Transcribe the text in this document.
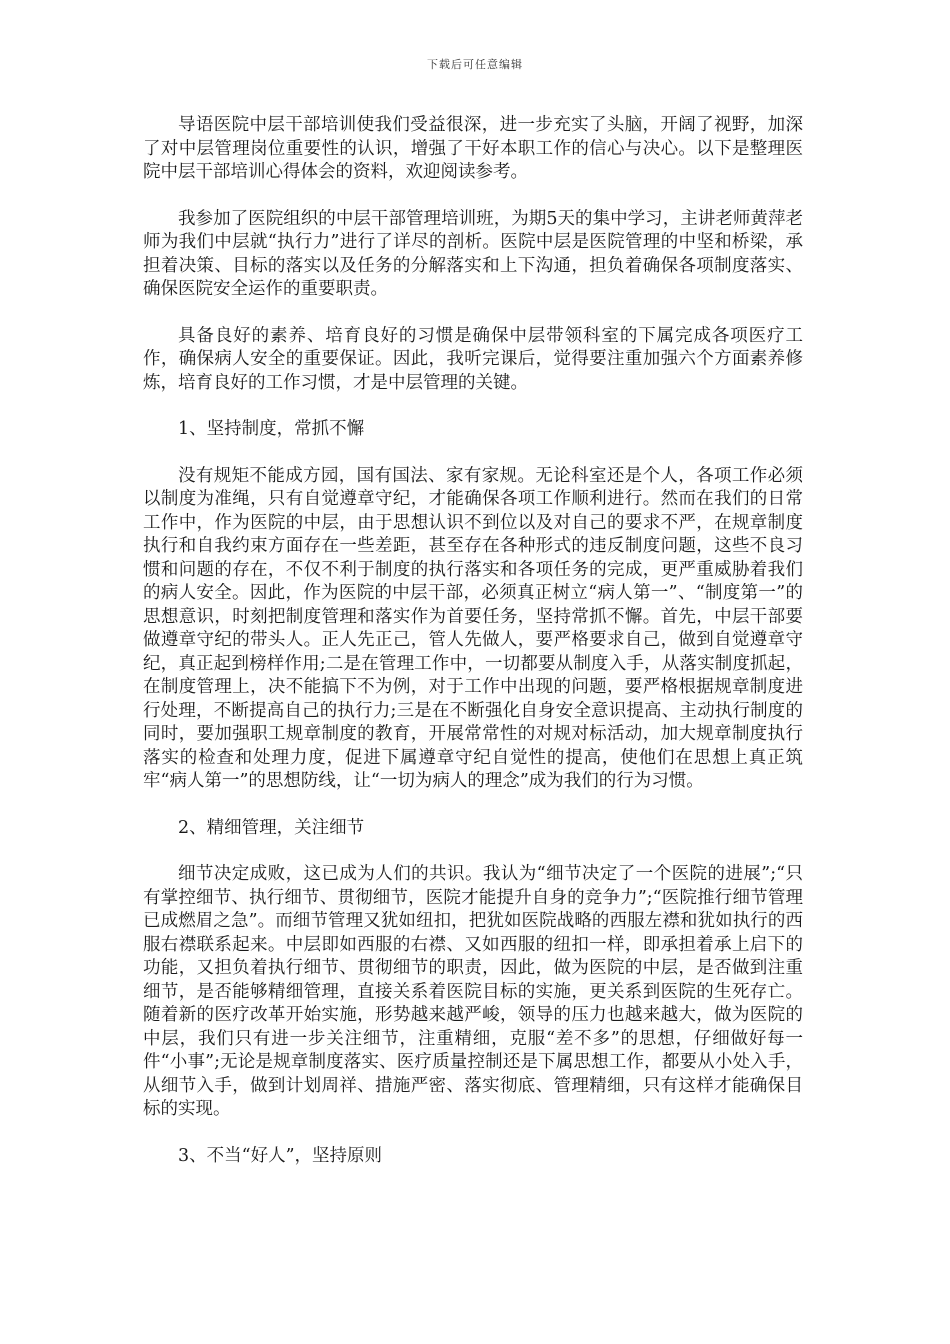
下载后可任意编辑

导语医院中层干部培训使我们受益很深，进一步充实了头脑，开阔了视野，加深了对中层管理岗位重要性的认识，增强了干好本职工作的信心与决心。以下是整理医院中层干部培训心得体会的资料，欢迎阅读参考。

我参加了医院组织的中层干部管理培训班，为期5天的集中学习，主讲老师黄萍老师为我们中层就“执行力”进行了详尽的剖析。医院中层是医院管理的中坚和桥梁，承担着决策、目标的落实以及任务的分解落实和上下沟通，担负着确保各项制度落实、确保医院安全运作的重要职责。

具备良好的素养、培育良好的习惯是确保中层带领科室的下属完成各项医疗工作，确保病人安全的重要保证。因此，我听完课后，觉得要注重加强六个方面素养修炼，培育良好的工作习惯，才是中层管理的关键。

1、坚持制度，常抓不懈

没有规矩不能成方园，国有国法、家有家规。无论科室还是个人，各项工作必须以制度为准绳，只有自觉遵章守纪，才能确保各项工作顺利进行。然而在我们的日常工作中，作为医院的中层，由于思想认识不到位以及对自己的要求不严，在规章制度执行和自我约束方面存在一些差距，甚至存在各种形式的违反制度问题，这些不良习惯和问题的存在，不仅不利于制度的执行落实和各项任务的完成，更严重威胁着我们的病人安全。因此，作为医院的中层干部，必须真正树立“病人第一”、“制度第一”的思想意识，时刻把制度管理和落实作为首要任务，坚持常抓不懈。首先，中层干部要做遵章守纪的带头人。正人先正己，管人先做人，要严格要求自己，做到自觉遵章守纪，真正起到榜样作用;二是在管理工作中，一切都要从制度入手，从落实制度抓起，在制度管理上，决不能搞下不为例，对于工作中出现的问题，要严格根据规章制度进行处理，不断提高自己的执行力;三是在不断强化自身安全意识提高、主动执行制度的同时，要加强职工规章制度的教育，开展常常性的对规对标活动，加大规章制度执行落实的检查和处理力度，促进下属遵章守纪自觉性的提高，使他们在思想上真正筑牢“病人第一”的思想防线，让“一切为病人的理念”成为我们的行为习惯。

2、精细管理，关注细节

细节决定成败，这已成为人们的共识。我认为“细节决定了一个医院的进展”;“只有掌控细节、执行细节、贯彻细节，医院才能提升自身的竞争力”;“医院推行细节管理已成燃眉之急”。而细节管理又犹如纽扣，把犹如医院战略的西服左襟和犹如执行的西服右襟联系起来。中层即如西服的右襟、又如西服的纽扣一样，即承担着承上启下的功能，又担负着执行细节、贯彻细节的职责，因此，做为医院的中层，是否做到注重细节，是否能够精细管理，直接关系着医院目标的实施，更关系到医院的生死存亡。随着新的医疗改革开始实施，形势越来越严峻，领导的压力也越来越大，做为医院的中层，我们只有进一步关注细节，注重精细，克服“差不多”的思想，仔细做好每一件“小事”;无论是规章制度落实、医疗质量控制还是下属思想工作，都要从小处入手，从细节入手，做到计划周祥、措施严密、落实彻底、管理精细，只有这样才能确保目标的实现。

3、不当“好人”，坚持原则
